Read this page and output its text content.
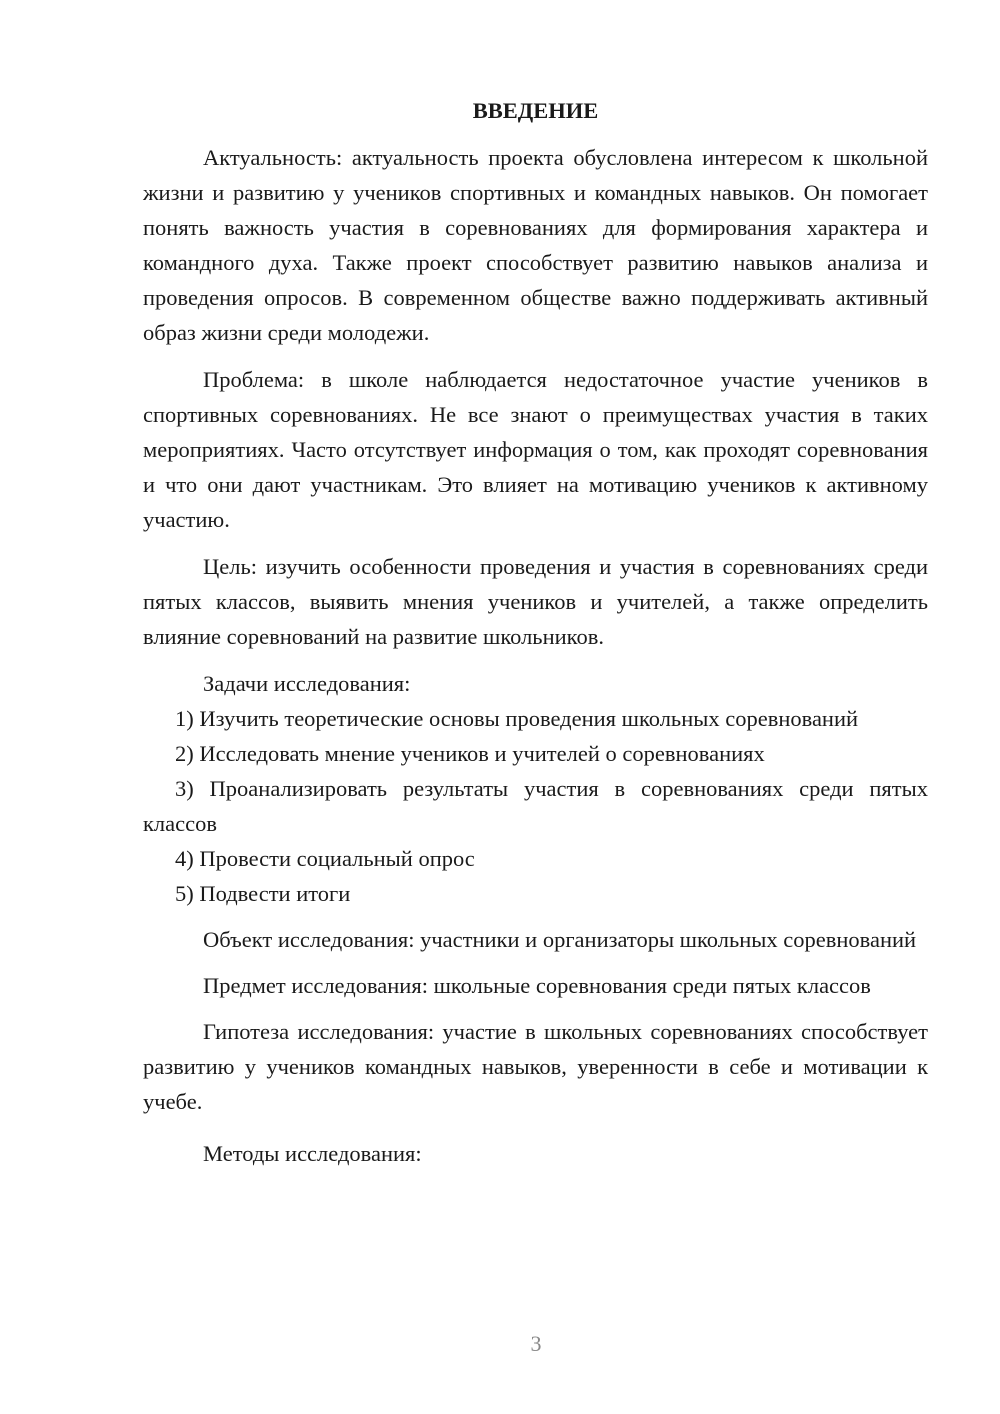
ВВЕДЕНИЕ

Актуальность: актуальность проекта обусловлена интересом к школьной жизни и развитию у учеников спортивных и командных навыков. Он помогает понять важность участия в соревнованиях для формирования характера и командного духа. Также проект способствует развитию навыков анализа и проведения опросов. В современном обществе важно поддерживать активный образ жизни среди молодежи.

Проблема: в школе наблюдается недостаточное участие учеников в спортивных соревнованиях. Не все знают о преимуществах участия в таких мероприятиях. Часто отсутствует информация о том, как проходят соревнования и что они дают участникам. Это влияет на мотивацию учеников к активному участию.

Цель: изучить особенности проведения и участия в соревнованиях среди пятых классов, выявить мнения учеников и учителей, а также определить влияние соревнований на развитие школьников.

Задачи исследования:

1) Изучить теоретические основы проведения школьных соревнований

2) Исследовать мнение учеников и учителей о соревнованиях

3) Проанализировать результаты участия в соревнованиях среди пятых классов

4) Провести социальный опрос

5) Подвести итоги

Объект исследования: участники и организаторы школьных соревнований

Предмет исследования: школьные соревнования среди пятых классов

Гипотеза исследования: участие в школьных соревнованиях способствует развитию у учеников командных навыков, уверенности в себе и мотивации к учебе.

Методы исследования:

3
